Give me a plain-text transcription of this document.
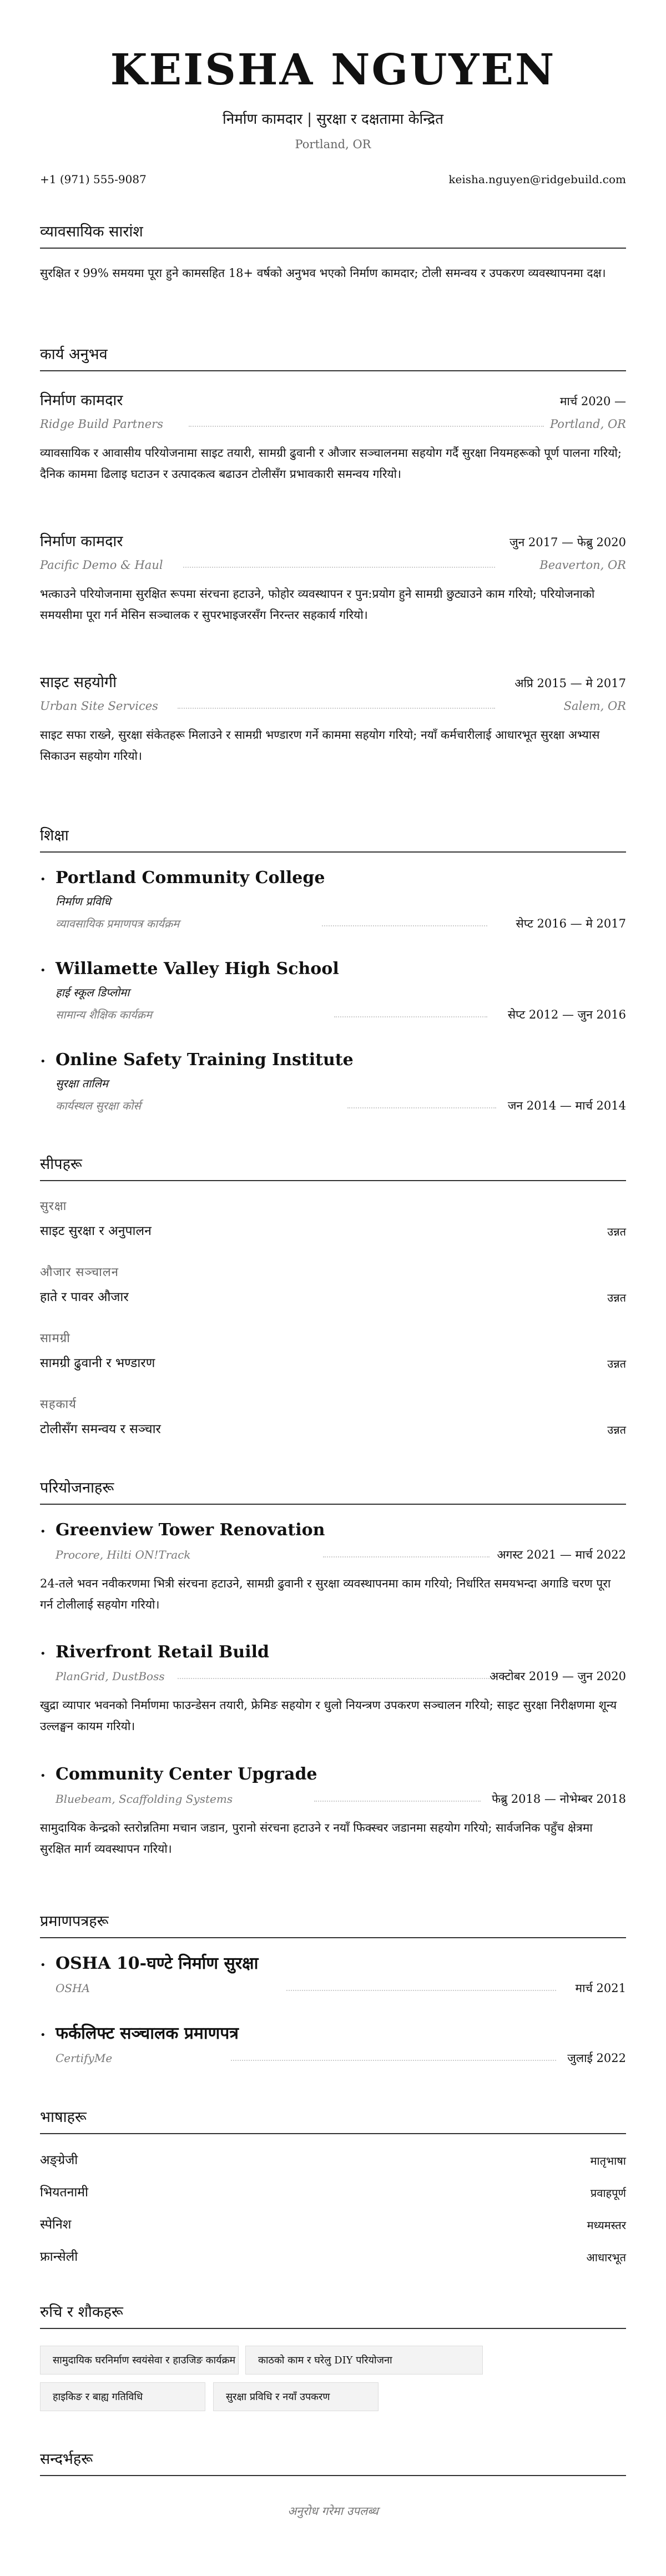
KEISHA NGUYEN
निर्माण कामदार | सुरक्षा र दक्षतामा केन्द्रित
Portland, OR
+1 (971) 555-9087	keisha.nguyen@ridgebuild.com
व्यावसायिक सारांश
सुरक्षित र 99% समयमा पूरा हुने कामसहित 18+ वर्षको अनुभव भएको निर्माण कामदार; टोली समन्वय र उपकरण व्यवस्थापनमा दक्ष।
कार्य अनुभव
निर्माण कामदार	मार्च 2020 —
Ridge Build Partners	Portland, OR
व्यावसायिक र आवासीय परियोजनामा साइट तयारी, सामग्री ढुवानी र औजार सञ्चालनमा सहयोग गर्दै सुरक्षा नियमहरूको पूर्ण पालना गरियो; दैनिक काममा ढिलाइ घटाउन र उत्पादकत्व बढाउन टोलीसँग प्रभावकारी समन्वय गरियो।
निर्माण कामदार	जुन 2017 — फेब्रु 2020
Pacific Demo & Haul	Beaverton, OR
भत्काउने परियोजनामा सुरक्षित रूपमा संरचना हटाउने, फोहोर व्यवस्थापन र पुन:प्रयोग हुने सामग्री छुट्याउने काम गरियो; परियोजनाको समयसीमा पूरा गर्न मेसिन सञ्चालक र सुपरभाइजरसँग निरन्तर सहकार्य गरियो।
साइट सहयोगी	अप्रि 2015 — मे 2017
Urban Site Services	Salem, OR
साइट सफा राख्ने, सुरक्षा संकेतहरू मिलाउने र सामग्री भण्डारण गर्ने काममा सहयोग गरियो; नयाँ कर्मचारीलाई आधारभूत सुरक्षा अभ्यास सिकाउन सहयोग गरियो।
शिक्षा
• Portland Community College
निर्माण प्रविधि
व्यावसायिक प्रमाणपत्र कार्यक्रम	सेप्ट 2016 — मे 2017
• Willamette Valley High School
हाई स्कूल डिप्लोमा
सामान्य शैक्षिक कार्यक्रम	सेप्ट 2012 — जुन 2016
• Online Safety Training Institute
सुरक्षा तालिम
कार्यस्थल सुरक्षा कोर्स	जन 2014 — मार्च 2014
सीपहरू
सुरक्षा
साइट सुरक्षा र अनुपालन	उन्नत
औजार सञ्चालन
हाते र पावर औजार	उन्नत
सामग्री
सामग्री ढुवानी र भण्डारण	उन्नत
सहकार्य
टोलीसँग समन्वय र सञ्चार	उन्नत
परियोजनाहरू
• Greenview Tower Renovation
Procore, Hilti ON!Track	अगस्ट 2021 — मार्च 2022
24-तले भवन नवीकरणमा भित्री संरचना हटाउने, सामग्री ढुवानी र सुरक्षा व्यवस्थापनमा काम गरियो; निर्धारित समयभन्दा अगाडि चरण पूरा गर्न टोलीलाई सहयोग गरियो।
• Riverfront Retail Build
PlanGrid, DustBoss	अक्टोबर 2019 — जुन 2020
खुद्रा व्यापार भवनको निर्माणमा फाउन्डेसन तयारी, फ्रेमिङ सहयोग र धुलो नियन्त्रण उपकरण सञ्चालन गरियो; साइट सुरक्षा निरीक्षणमा शून्य उल्लङ्घन कायम गरियो।
• Community Center Upgrade
Bluebeam, Scaffolding Systems	फेब्रु 2018 — नोभेम्बर 2018
सामुदायिक केन्द्रको स्तरोन्नतिमा मचान जडान, पुरानो संरचना हटाउने र नयाँ फिक्स्चर जडानमा सहयोग गरियो; सार्वजनिक पहुँच क्षेत्रमा सुरक्षित मार्ग व्यवस्थापन गरियो।
प्रमाणपत्रहरू
• OSHA 10-घण्टे निर्माण सुरक्षा
OSHA	मार्च 2021
• फर्कलिफ्ट सञ्चालक प्रमाणपत्र
CertifyMe	जुलाई 2022
भाषाहरू
अङ्ग्रेजी	मातृभाषा
भियतनामी	प्रवाहपूर्ण
स्पेनिश	मध्यमस्तर
फ्रान्सेली	आधारभूत
रुचि र शौकहरू
सामुदायिक घरनिर्माण स्वयंसेवा र हाउजिङ कार्यक्रम	काठको काम र घरेलु DIY परियोजना
हाइकिङ र बाह्य गतिविधि	सुरक्षा प्रविधि र नयाँ उपकरण
सन्दर्भहरू
अनुरोध गरेमा उपलब्ध
